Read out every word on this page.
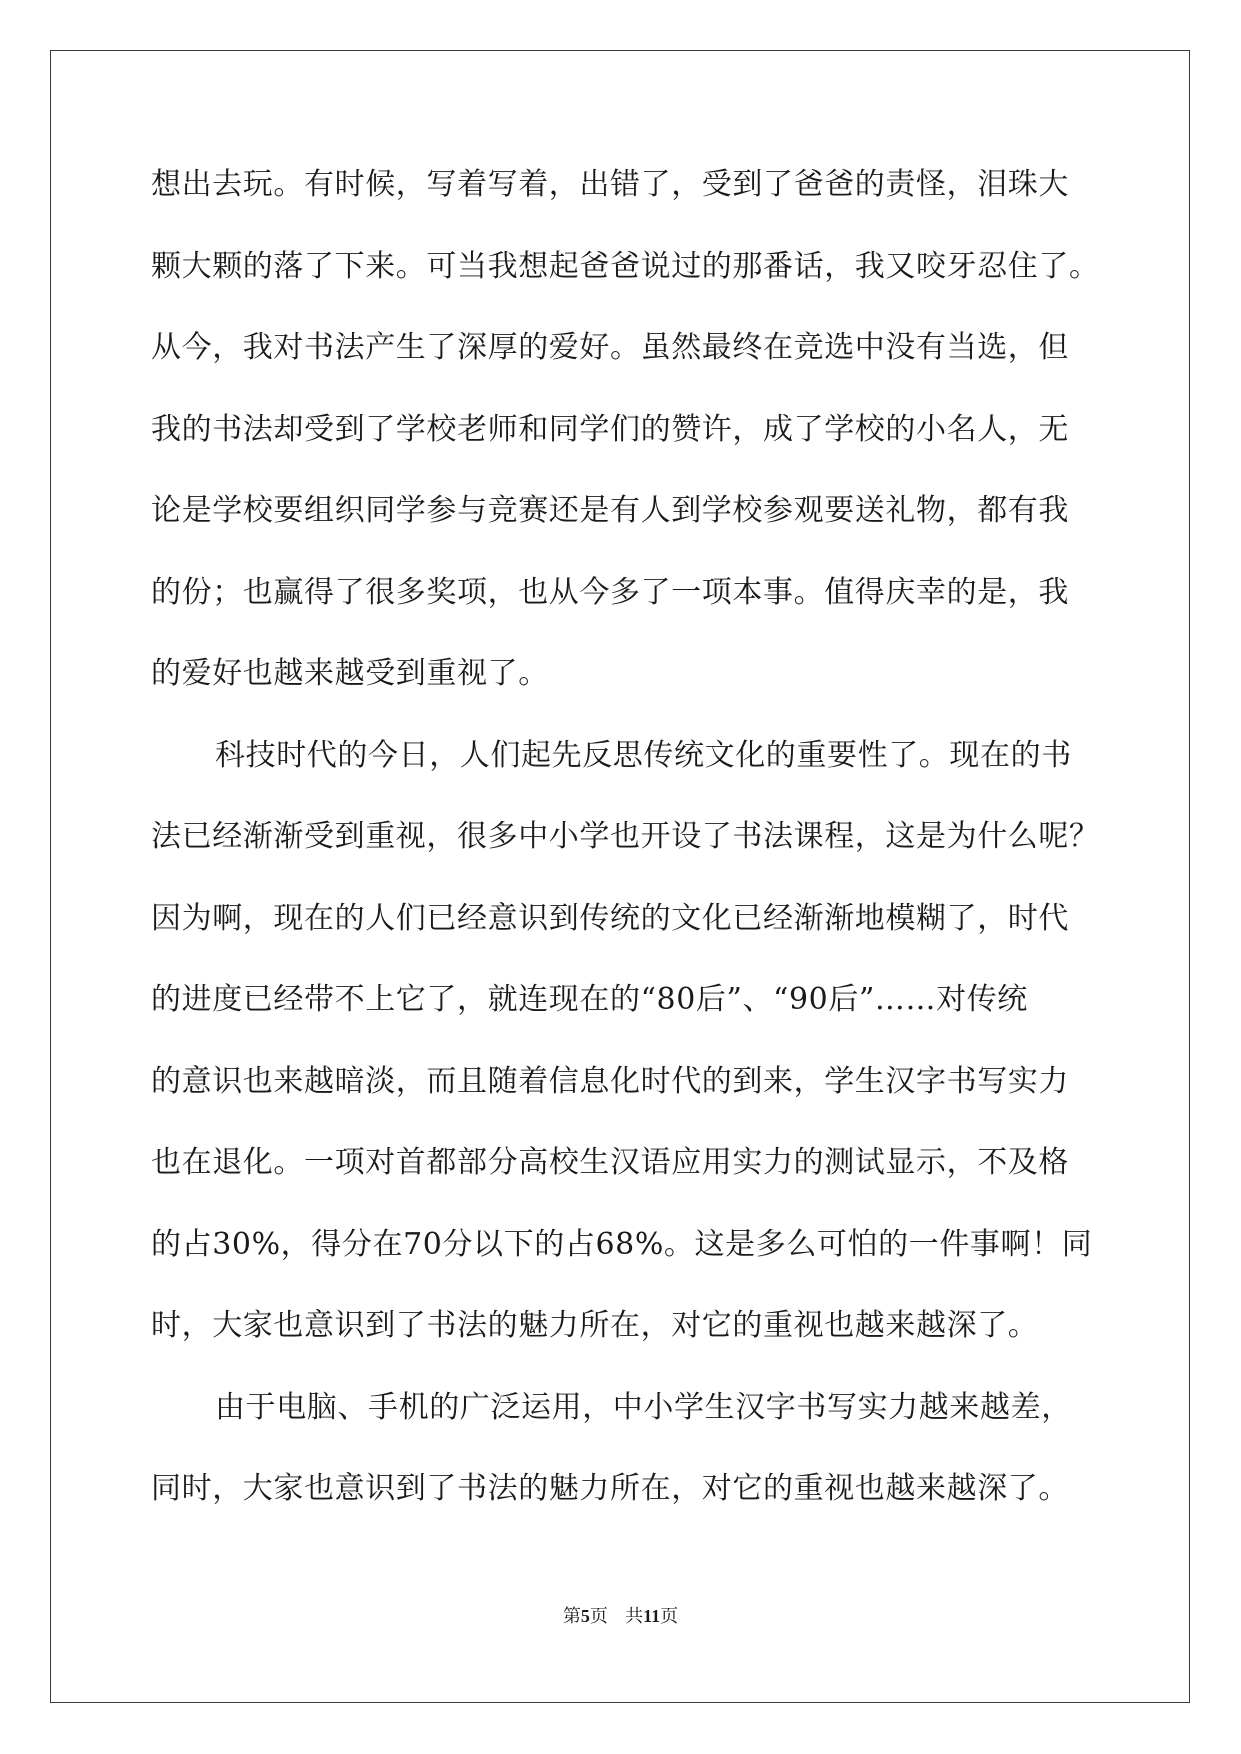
想出去玩。有时候，写着写着，出错了，受到了爸爸的责怪，泪珠大
颗大颗的落了下来。可当我想起爸爸说过的那番话，我又咬牙忍住了。
从今，我对书法产生了深厚的爱好。虽然最终在竞选中没有当选，但
我的书法却受到了学校老师和同学们的赞许，成了学校的小名人，无
论是学校要组织同学参与竞赛还是有人到学校参观要送礼物，都有我
的份；也赢得了很多奖项，也从今多了一项本事。值得庆幸的是，我
的爱好也越来越受到重视了。
科技时代的今日，人们起先反思传统文化的重要性了。现在的书
法已经渐渐受到重视，很多中小学也开设了书法课程，这是为什么呢？
因为啊，现在的人们已经意识到传统的文化已经渐渐地模糊了，时代
的进度已经带不上它了，就连现在的“80后”、“90后”……对传统
的意识也来越暗淡，而且随着信息化时代的到来，学生汉字书写实力
也在退化。一项对首都部分高校生汉语应用实力的测试显示，不及格
的占30%，得分在70分以下的占68%。这是多么可怕的一件事啊！同
时，大家也意识到了书法的魅力所在，对它的重视也越来越深了。
由于电脑、手机的广泛运用，中小学生汉字书写实力越来越差，
同时，大家也意识到了书法的魅力所在，对它的重视也越来越深了。
第5页 共11页
